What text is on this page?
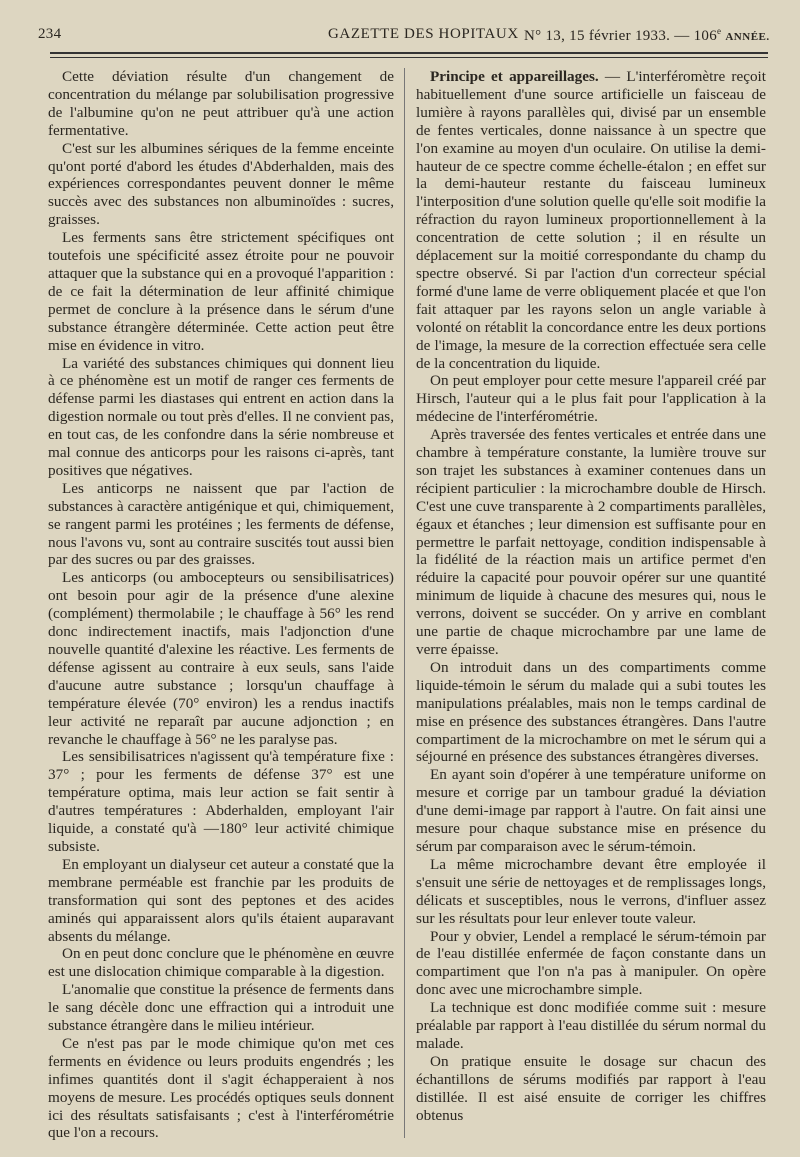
234	GAZETTE DES HOPITAUX N° 13, 15 février 1933. — 106e ANNÉE.

Cette déviation résulte d'un changement de concentration du mélange par solubilisation progressive de l'albumine qu'on ne peut attribuer qu'à une action fermentative.

C'est sur les albumines sériques de la femme enceinte qu'ont porté d'abord les études d'Abderhalden, mais des expériences correspondantes peuvent donner le même succès avec des substances non albuminoïdes : sucres, graisses.

Les ferments sans être strictement spécifiques ont toutefois une spécificité assez étroite pour ne pouvoir attaquer que la substance qui en a provoqué l'apparition : de ce fait la détermination de leur affinité chimique permet de conclure à la présence dans le sérum d'une substance étrangère déterminée. Cette action peut être mise en évidence in vitro.

La variété des substances chimiques qui donnent lieu à ce phénomène est un motif de ranger ces ferments de défense parmi les diastases qui entrent en action dans la digestion normale ou tout près d'elles. Il ne convient pas, en tout cas, de les confondre dans la série nombreuse et mal connue des anticorps pour les raisons ci-après, tant positives que négatives.

Les anticorps ne naissent que par l'action de substances à caractère antigénique et qui, chimiquement, se rangent parmi les protéines ; les ferments de défense, nous l'avons vu, sont au contraire suscités tout aussi bien par des sucres ou par des graisses.

Les anticorps (ou ambocepteurs ou sensibilisatrices) ont besoin pour agir de la présence d'une alexine (complément) thermolabile ; le chauffage à 56° les rend donc indirectement inactifs, mais l'adjonction d'une nouvelle quantité d'alexine les réactive. Les ferments de défense agissent au contraire à eux seuls, sans l'aide d'aucune autre substance ; lorsqu'un chauffage à température élevée (70° environ) les a rendus inactifs leur activité ne reparaît par aucune adjonction ; en revanche le chauffage à 56° ne les paralyse pas.

Les sensibilisatrices n'agissent qu'à température fixe : 37° ; pour les ferments de défense 37° est une température optima, mais leur action se fait sentir à d'autres températures : Abderhalden, employant l'air liquide, a constaté qu'à —180° leur activité chimique subsiste.

En employant un dialyseur cet auteur a constaté que la membrane perméable est franchie par les produits de transformation qui sont des peptones et des acides aminés qui apparaissent alors qu'ils étaient auparavant absents du mélange.

On en peut donc conclure que le phénomène en œuvre est une dislocation chimique comparable à la digestion.

L'anomalie que constitue la présence de ferments dans le sang décèle donc une effraction qui a introduit une substance étrangère dans le milieu intérieur.

Ce n'est pas par le mode chimique qu'on met ces ferments en évidence ou leurs produits engendrés ; les infimes quantités dont il s'agit échapperaient à nos moyens de mesure. Les procédés optiques seuls donnent ici des résultats satisfaisants ; c'est à l'interférométrie que l'on a recours.

Principe et appareillages. — L'interféromètre reçoit habituellement d'une source artificielle un faisceau de lumière à rayons parallèles qui, divisé par un ensemble de fentes verticales, donne naissance à un spectre que l'on examine au moyen d'un oculaire. On utilise la demi-hauteur de ce spectre comme échelle-étalon ; en effet sur la demi-hauteur restante du faisceau lumineux l'interposition d'une solution quelle qu'elle soit modifie la réfraction du rayon lumineux proportionnellement à la concentration de cette solution ; il en résulte un déplacement sur la moitié correspondante du champ du spectre observé. Si par l'action d'un correcteur spécial formé d'une lame de verre obliquement placée et que l'on fait attaquer par les rayons selon un angle variable à volonté on rétablit la concordance entre les deux portions de l'image, la mesure de la correction effectuée sera celle de la concentration du liquide.

On peut employer pour cette mesure l'appareil créé par Hirsch, l'auteur qui a le plus fait pour l'application à la médecine de l'interférométrie.

Après traversée des fentes verticales et entrée dans une chambre à température constante, la lumière trouve sur son trajet les substances à examiner contenues dans un récipient particulier : la microchambre double de Hirsch. C'est une cuve transparente à 2 compartiments parallèles, égaux et étanches ; leur dimension est suffisante pour en permettre le parfait nettoyage, condition indispensable à la fidélité de la réaction mais un artifice permet d'en réduire la capacité pour pouvoir opérer sur une quantité minimum de liquide à chacune des mesures qui, nous le verrons, doivent se succéder. On y arrive en comblant une partie de chaque microchambre par une lame de verre épaisse.

On introduit dans un des compartiments comme liquide-témoin le sérum du malade qui a subi toutes les manipulations préalables, mais non le temps cardinal de mise en présence des substances étrangères. Dans l'autre compartiment de la microchambre on met le sérum qui a séjourné en présence des substances étrangères diverses.

En ayant soin d'opérer à une température uniforme on mesure et corrige par un tambour gradué la déviation d'une demi-image par rapport à l'autre. On fait ainsi une mesure pour chaque substance mise en présence du sérum par comparaison avec le sérum-témoin.

La même microchambre devant être employée il s'ensuit une série de nettoyages et de remplissages longs, délicats et susceptibles, nous le verrons, d'influer assez sur les résultats pour leur enlever toute valeur.

Pour y obvier, Lendel a remplacé le sérum-témoin par de l'eau distillée enfermée de façon constante dans un compartiment que l'on n'a pas à manipuler. On opère donc avec une microchambre simple.

La technique est donc modifiée comme suit : mesure préalable par rapport à l'eau distillée du sérum normal du malade.

On pratique ensuite le dosage sur chacun des échantillons de sérums modifiés par rapport à l'eau distillée. Il est aisé ensuite de corriger les chiffres obtenus
